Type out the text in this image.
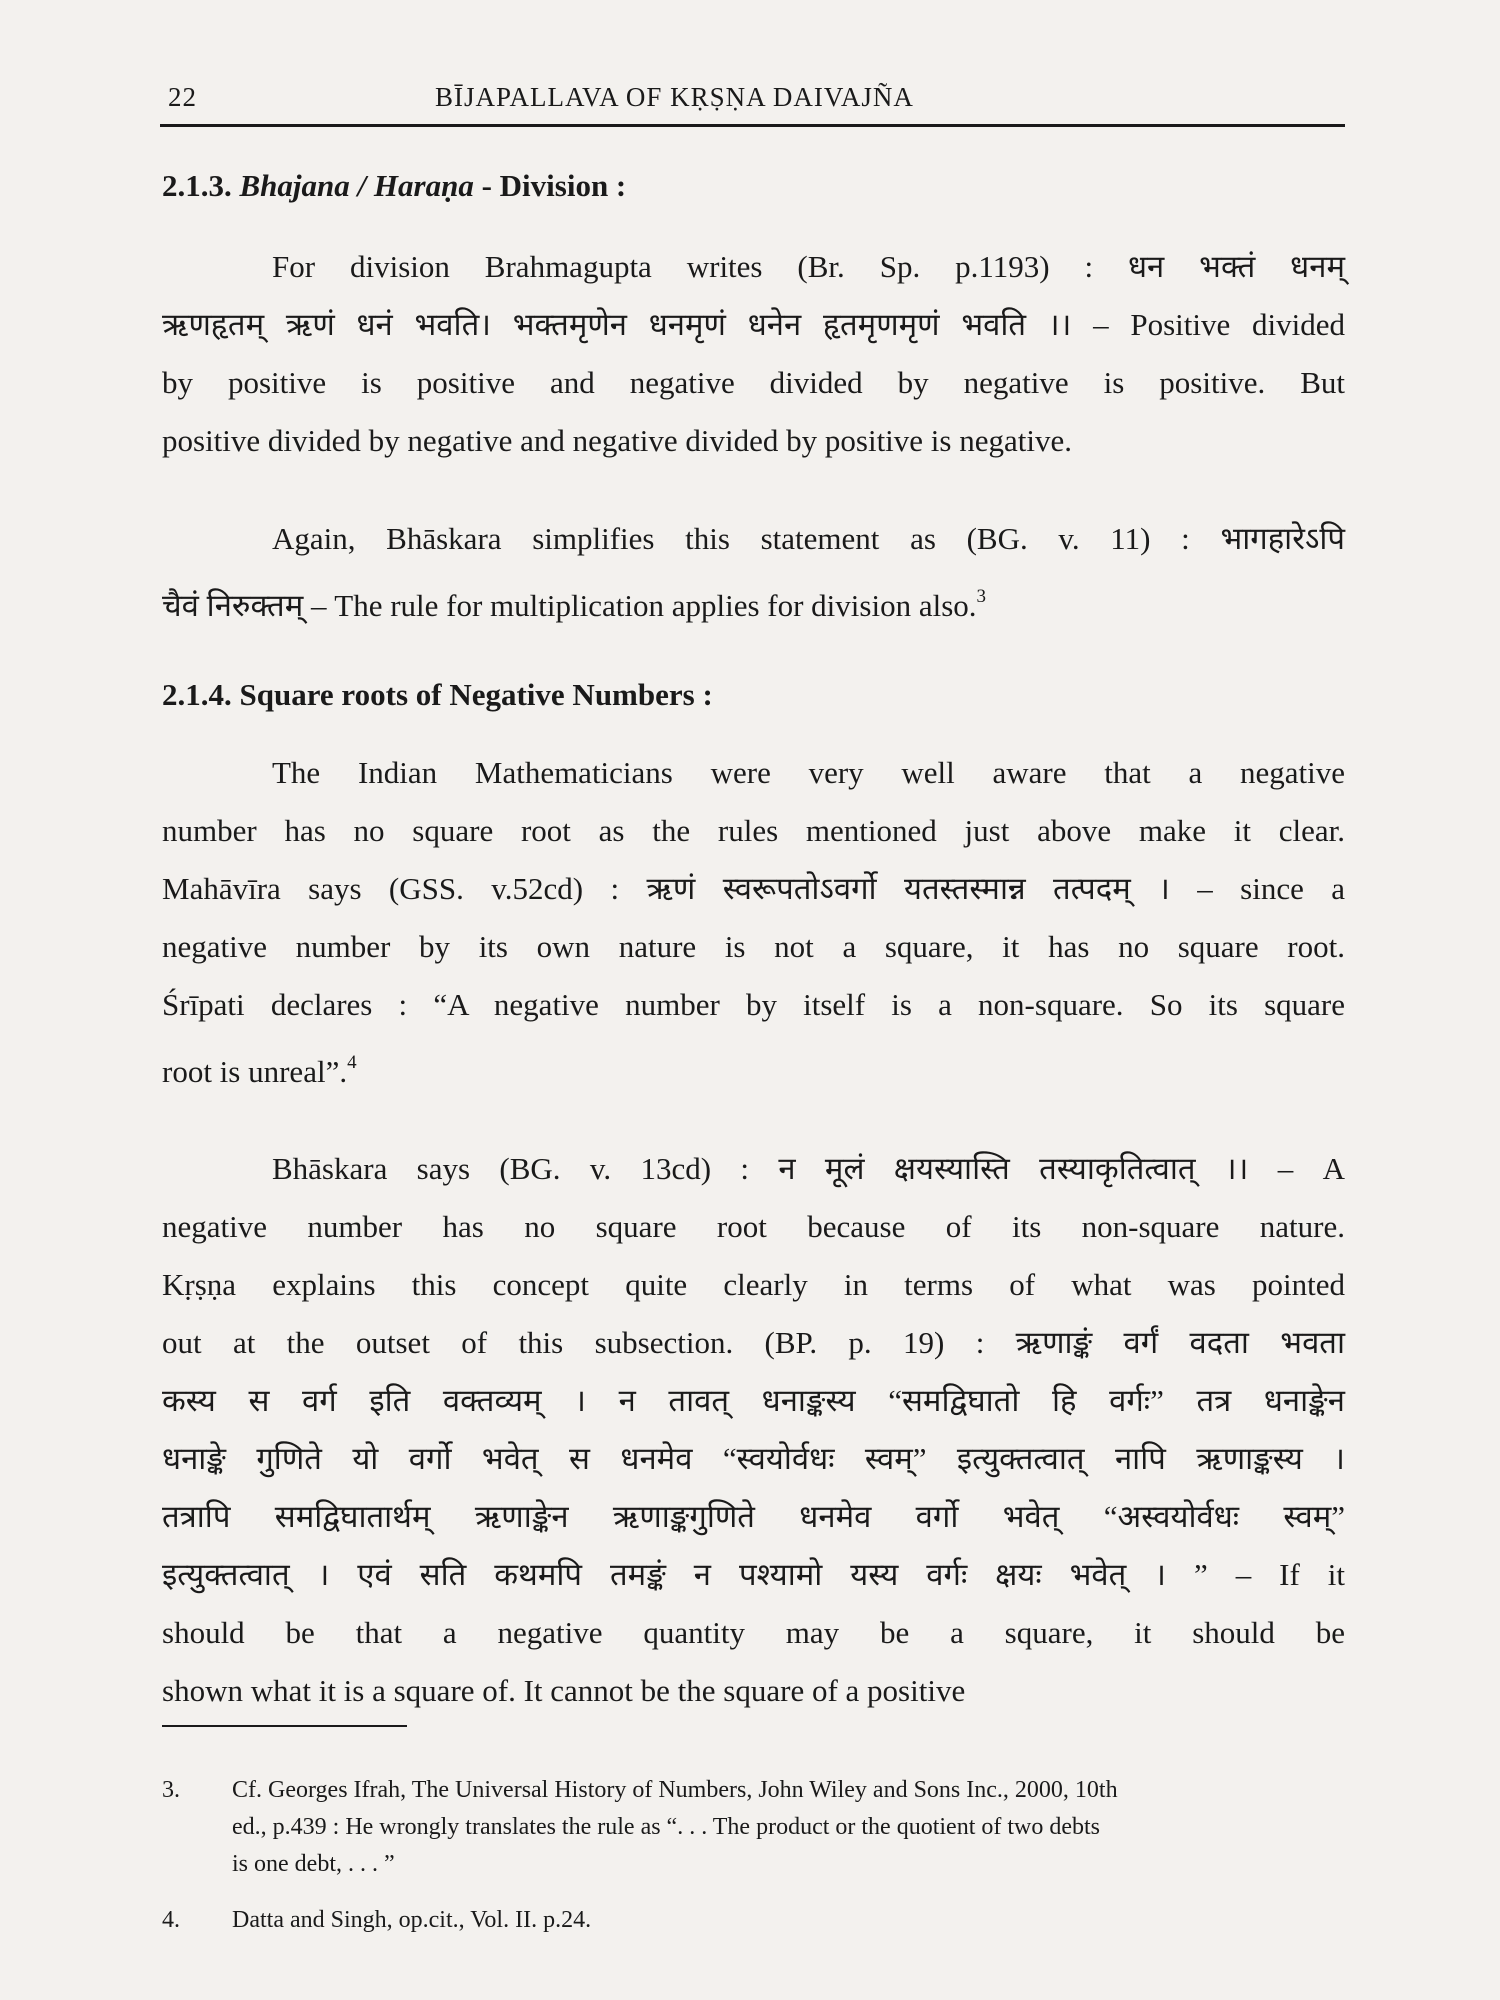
22	BĪJAPALLAVA OF KṚṢṆA DAIVAJÑA
2.1.3. Bhajana / Haraṇa - Division :
For division Brahmagupta writes (Br. Sp. p.1193) : धन भक्तं धनम्
ऋणहृतम् ऋणं धनं भवति। भक्तमृणेन धनमृणं धनेन हृतमृणमृणं भवति ।। – Positive divided
by positive is positive and negative divided by negative is positive. But
positive divided by negative and negative divided by positive is negative.
Again, Bhāskara simplifies this statement as (BG. v. 11) : भागहारेऽपि
चैवं निरुक्तम् – The rule for multiplication applies for division also.$^3$
2.1.4. Square roots of Negative Numbers :
The Indian Mathematicians were very well aware that a negative
number has no square root as the rules mentioned just above make it clear.
Mahāvīra says (GSS. v.52cd) : ऋणं स्वरूपतोऽवर्गो यतस्तस्मान्न तत्पदम् । – since a
negative number by its own nature is not a square, it has no square root.
Śrīpati declares : “A negative number by itself is a non-square. So its square
root is unreal”.$^4$
Bhāskara says (BG. v. 13cd) : न मूलं क्षयस्यास्ति तस्याकृतित्वात् ।। – A
negative number has no square root because of its non-square nature.
Kṛṣṇa explains this concept quite clearly in terms of what was pointed
out at the outset of this subsection. (BP. p. 19) : ऋणाङ्कं वर्गं वदता भवता
कस्य स वर्ग इति वक्तव्यम् । न तावत् धनाङ्कस्य “समद्विघातो हि वर्गः” तत्र धनाङ्केन
धनाङ्के गुणिते यो वर्गो भवेत् स धनमेव “स्वयोर्वधः स्वम्” इत्युक्तत्वात् नापि ऋणाङ्कस्य ।
तत्रापि समद्विघातार्थम् ऋणाङ्केन ऋणाङ्कगुणिते धनमेव वर्गो भवेत् “अस्वयोर्वधः स्वम्”
इत्युक्तत्वात् । एवं सति कथमपि तमङ्कं न पश्यामो यस्य वर्गः क्षयः भवेत् । ” – If it
should be that a negative quantity may be a square, it should be
shown what it is a square of. It cannot be the square of a positive
3. Cf. Georges Ifrah, The Universal History of Numbers, John Wiley and Sons Inc., 2000, 10th
ed., p.439 : He wrongly translates the rule as “. . . The product or the quotient of two debts
is one debt, . . . ”
4. Datta and Singh, op.cit., Vol. II. p.24.
